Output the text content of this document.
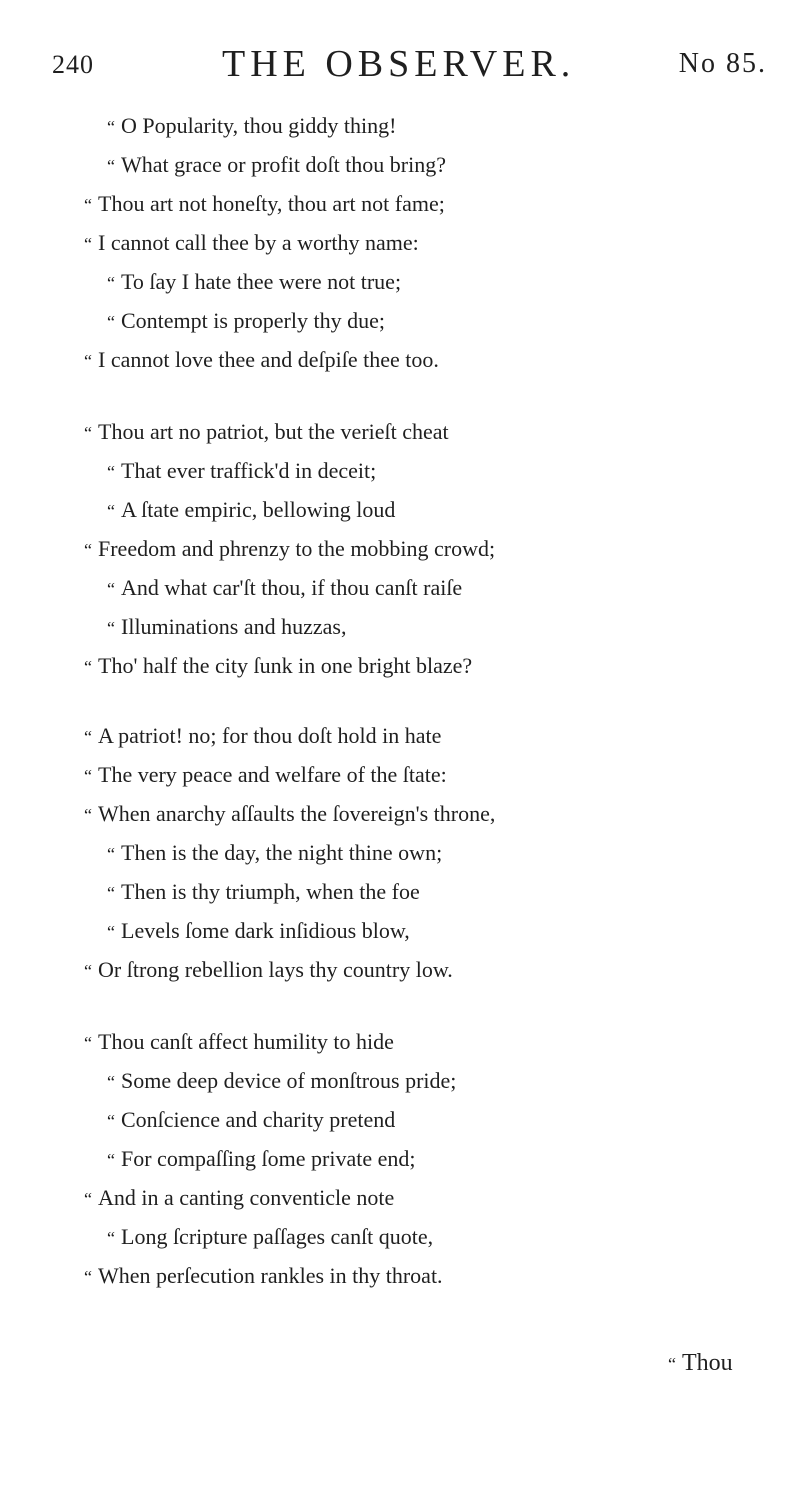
240	THE OBSERVER.	No 85.
“ O Popularity, thou giddy thing!
“ What grace or profit doſt thou bring?
“ Thou art not honeſty, thou art not fame;
“ I cannot call thee by a worthy name:
“ To ſay I hate thee were not true;
“ Contempt is properly thy due;
“ I cannot love thee and deſpiſe thee too.
“ Thou art no patriot, but the verieſt cheat
“ That ever traffick'd in deceit;
“ A ſtate empiric, bellowing loud
“ Freedom and phrenzy to the mobbing crowd;
“ And what car'ſt thou, if thou canſt raiſe
“ Illuminations and huzzas,
“ Tho' half the city ſunk in one bright blaze?
“ A patriot! no; for thou doſt hold in hate
“ The very peace and welfare of the ſtate:
“ When anarchy aſſaults the ſovereign's throne,
“ Then is the day, the night thine own;
“ Then is thy triumph, when the foe
“ Levels ſome dark inſidious blow,
“ Or ſtrong rebellion lays thy country low.
“ Thou canſt affect humility to hide
“ Some deep device of monſtrous pride;
“ Conſcience and charity pretend
“ For compaſſing ſome private end;
“ And in a canting conventicle note
“ Long ſcripture paſſages canſt quote,
“ When perſecution rankles in thy throat.
“ Thou
